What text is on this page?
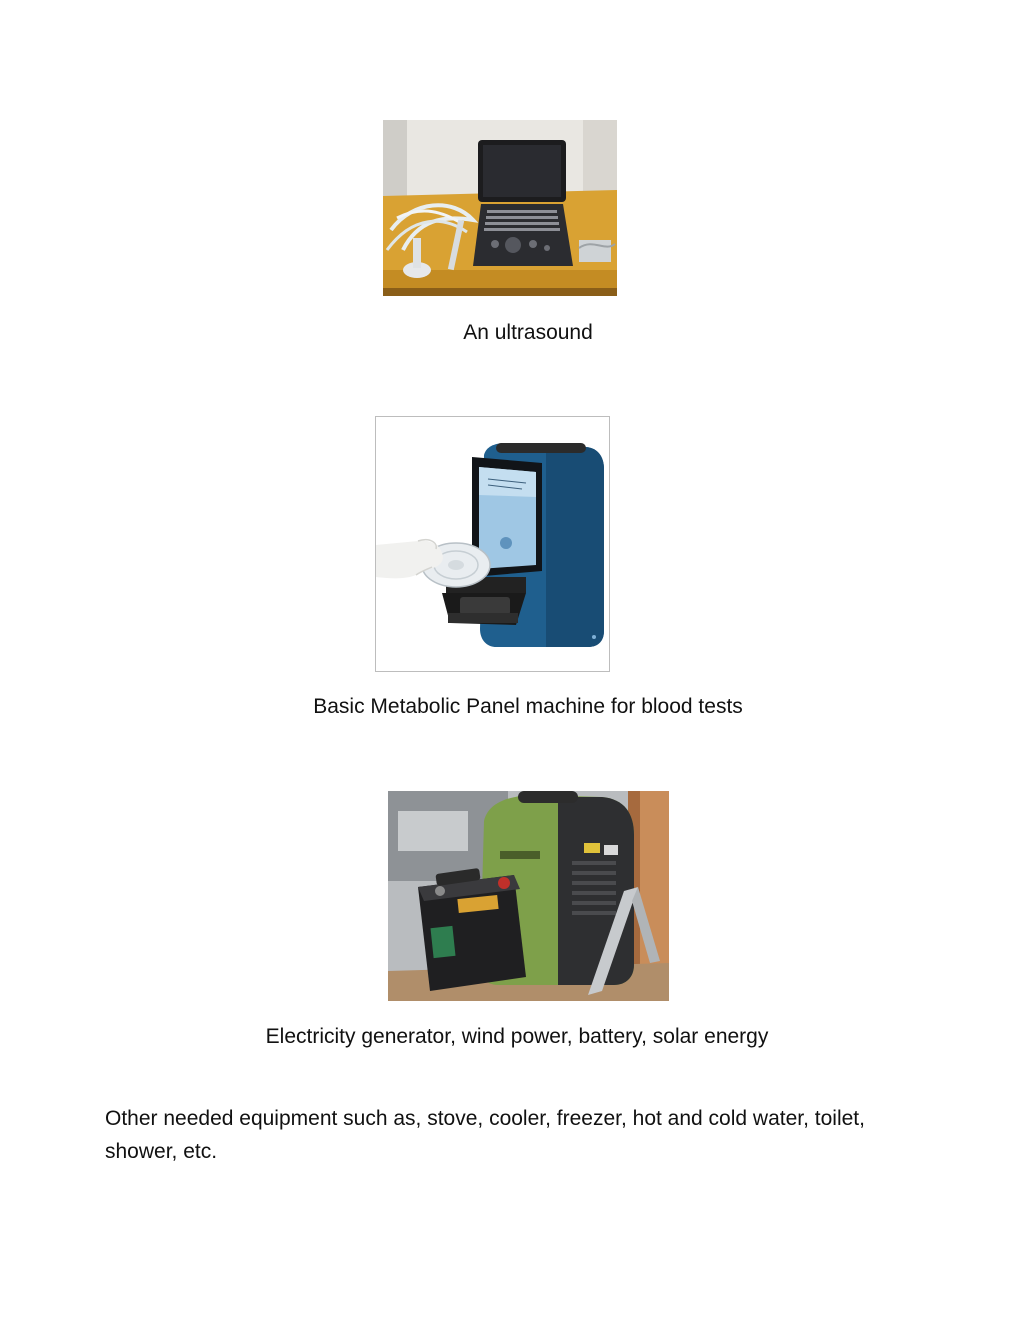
An ultrasound
Basic Metabolic Panel machine for blood tests
Electricity generator, wind power, battery, solar energy

Other needed equipment such as, stove, cooler, freezer, hot and cold water, toilet, shower, etc.
